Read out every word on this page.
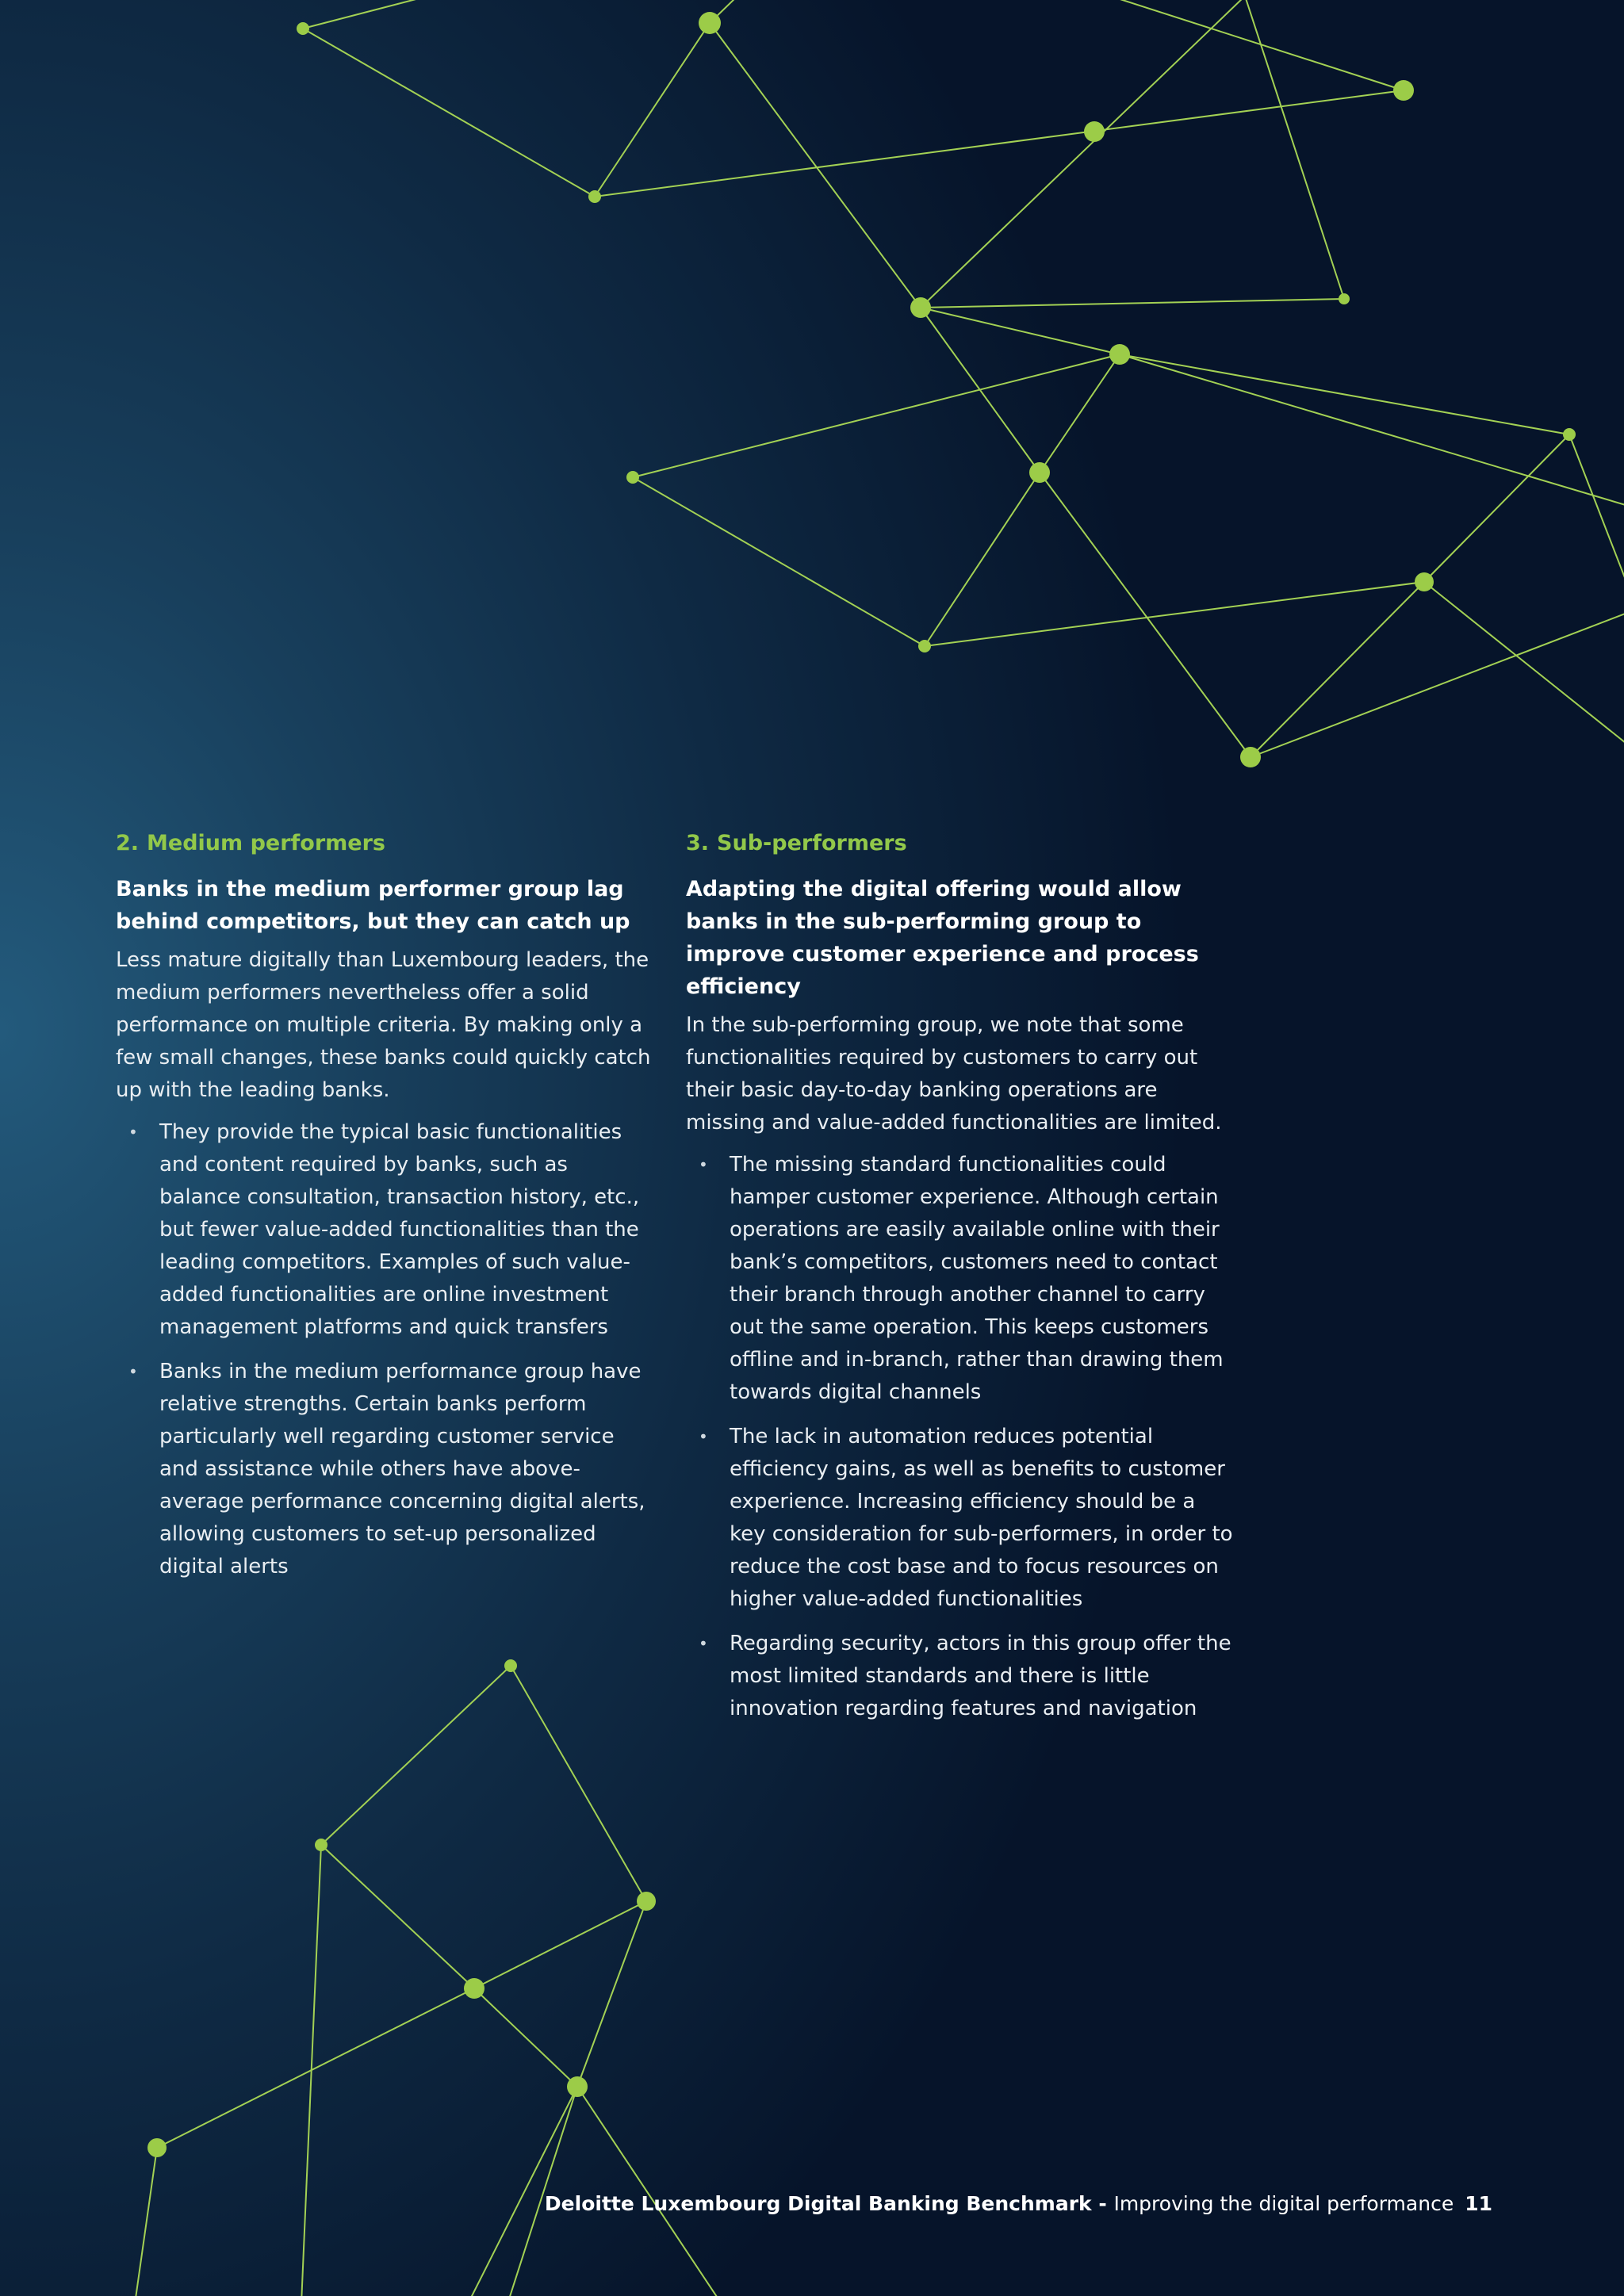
2. Medium performers

Banks in the medium performer group lag behind competitors, but they can catch up

Less mature digitally than Luxembourg leaders, the medium performers nevertheless offer a solid performance on multiple criteria. By making only a few small changes, these banks could quickly catch up with the leading banks.

• They provide the typical basic functionalities and content required by banks, such as balance consultation, transaction history, etc., but fewer value-added functionalities than the leading competitors. Examples of such value-added functionalities are online investment management platforms and quick transfers
• Banks in the medium performance group have relative strengths. Certain banks perform particularly well regarding customer service and assistance while others have above-average performance concerning digital alerts, allowing customers to set-up personalized digital alerts
3. Sub-performers

Adapting the digital offering would allow banks in the sub-performing group to improve customer experience and process efficiency

In the sub-performing group, we note that some functionalities required by customers to carry out their basic day-to-day banking operations are missing and value-added functionalities are limited.

• The missing standard functionalities could hamper customer experience. Although certain operations are easily available online with their bank’s competitors, customers need to contact their branch through another channel to carry out the same operation. This keeps customers offline and in-branch, rather than drawing them towards digital channels
• The lack in automation reduces potential efficiency gains, as well as benefits to customer experience. Increasing efficiency should be a key consideration for sub-performers, in order to reduce the cost base and to focus resources on higher value-added functionalities
• Regarding security, actors in this group offer the most limited standards and there is little innovation regarding features and navigation
Deloitte Luxembourg Digital Banking Benchmark - Improving the digital performance 11
